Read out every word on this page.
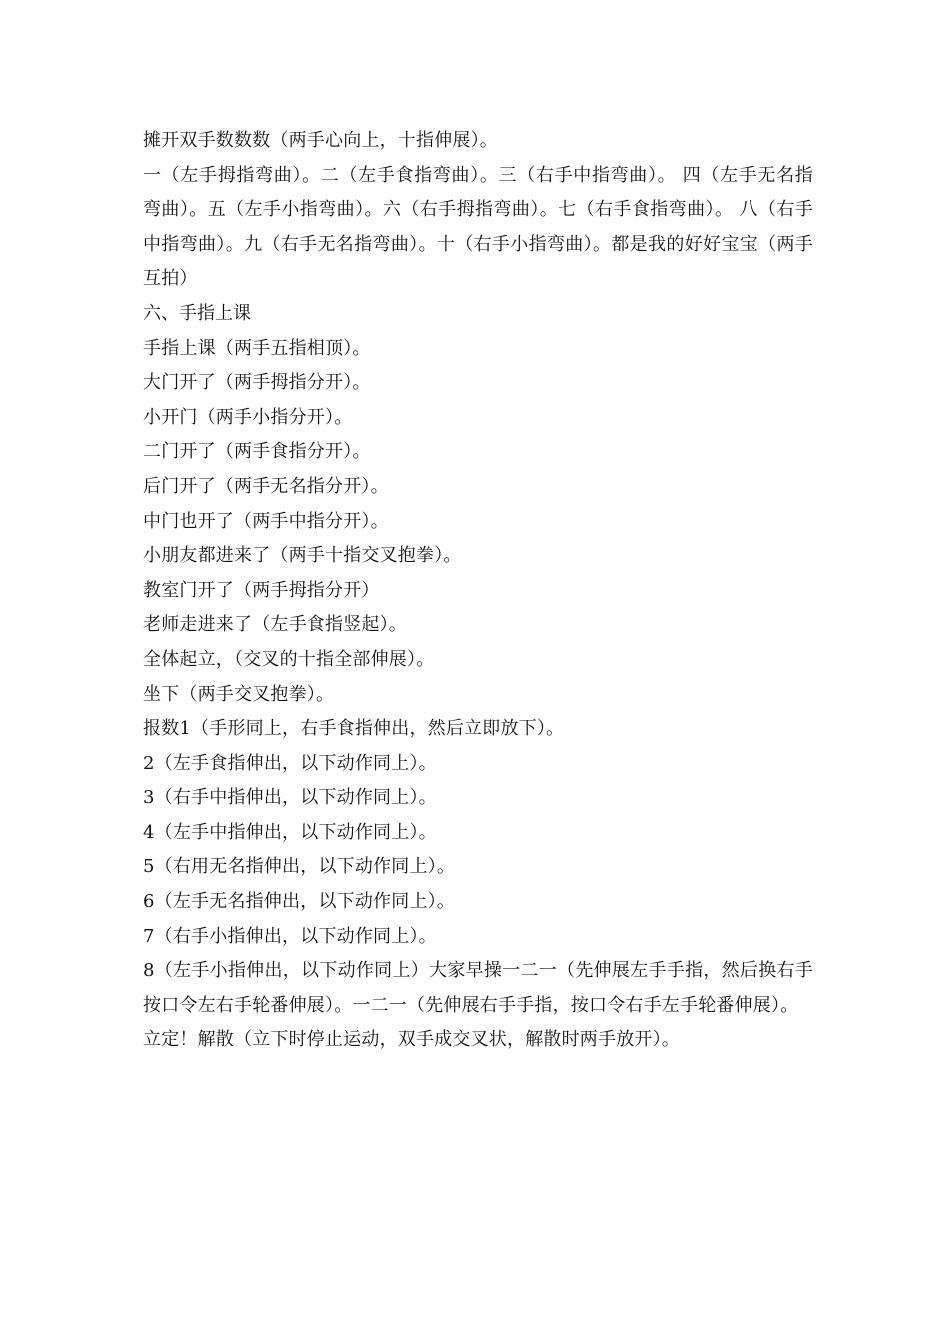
摊开双手数数数（两手心向上，十指伸展）。
一（左手拇指弯曲）。二（左手食指弯曲）。三（右手中指弯曲）。 四（左手无名指弯曲）。五（左手小指弯曲）。六（右手拇指弯曲）。七（右手食指弯曲）。 八（右手中指弯曲）。九（右手无名指弯曲）。十（右手小指弯曲）。都是我的好好宝宝（两手互拍）
六、手指上课
手指上课（两手五指相顶）。
大门开了（两手拇指分开）。
小开门（两手小指分开）。
二门开了（两手食指分开）。
后门开了（两手无名指分开）。
中门也开了（两手中指分开）。
小朋友都进来了（两手十指交叉抱拳）。
教室门开了（两手拇指分开）
老师走进来了（左手食指竖起）。
全体起立，（交叉的十指全部伸展）。
坐下（两手交叉抱拳）。
报数1（手形同上，右手食指伸出，然后立即放下）。
2（左手食指伸出，以下动作同上）。
3（右手中指伸出，以下动作同上）。
4（左手中指伸出，以下动作同上）。
5（右用无名指伸出，以下动作同上）。
6（左手无名指伸出，以下动作同上）。
7（右手小指伸出，以下动作同上）。
8（左手小指伸出，以下动作同上）大家早操一二一（先伸展左手手指，然后换右手按口令左右手轮番伸展）。一二一（先伸展右手手指，按口令右手左手轮番伸展）。
立定！解散（立下时停止运动，双手成交叉状，解散时两手放开）。
